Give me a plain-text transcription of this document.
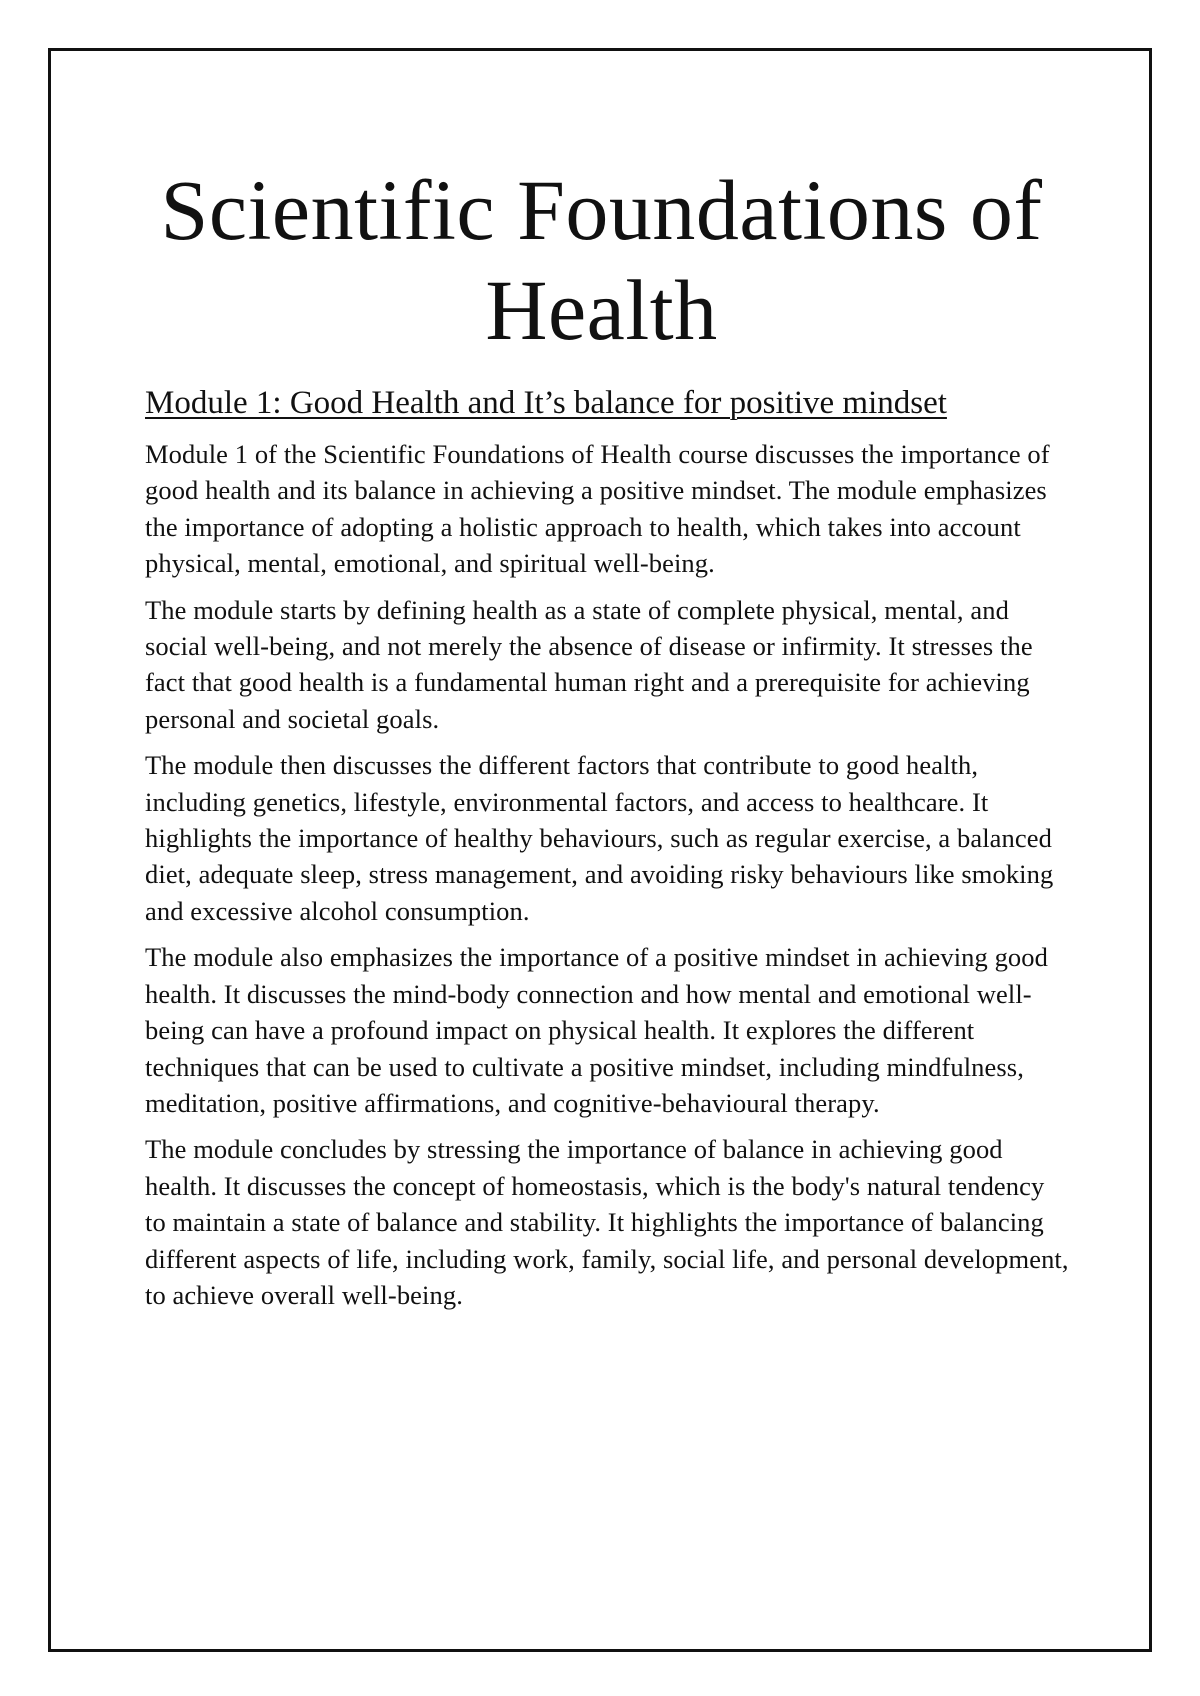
Scientific Foundations of Health
Module 1: Good Health and It’s balance for positive mindset

Module 1 of the Scientific Foundations of Health course discusses the importance of good health and its balance in achieving a positive mindset. The module emphasizes the importance of adopting a holistic approach to health, which takes into account physical, mental, emotional, and spiritual well-being.

The module starts by defining health as a state of complete physical, mental, and social well-being, and not merely the absence of disease or infirmity. It stresses the fact that good health is a fundamental human right and a prerequisite for achieving personal and societal goals.

The module then discusses the different factors that contribute to good health, including genetics, lifestyle, environmental factors, and access to healthcare. It highlights the importance of healthy behaviours, such as regular exercise, a balanced diet, adequate sleep, stress management, and avoiding risky behaviours like smoking and excessive alcohol consumption.

The module also emphasizes the importance of a positive mindset in achieving good health. It discusses the mind-body connection and how mental and emotional well-being can have a profound impact on physical health. It explores the different techniques that can be used to cultivate a positive mindset, including mindfulness, meditation, positive affirmations, and cognitive-behavioural therapy.

The module concludes by stressing the importance of balance in achieving good health. It discusses the concept of homeostasis, which is the body's natural tendency to maintain a state of balance and stability. It highlights the importance of balancing different aspects of life, including work, family, social life, and personal development, to achieve overall well-being.
